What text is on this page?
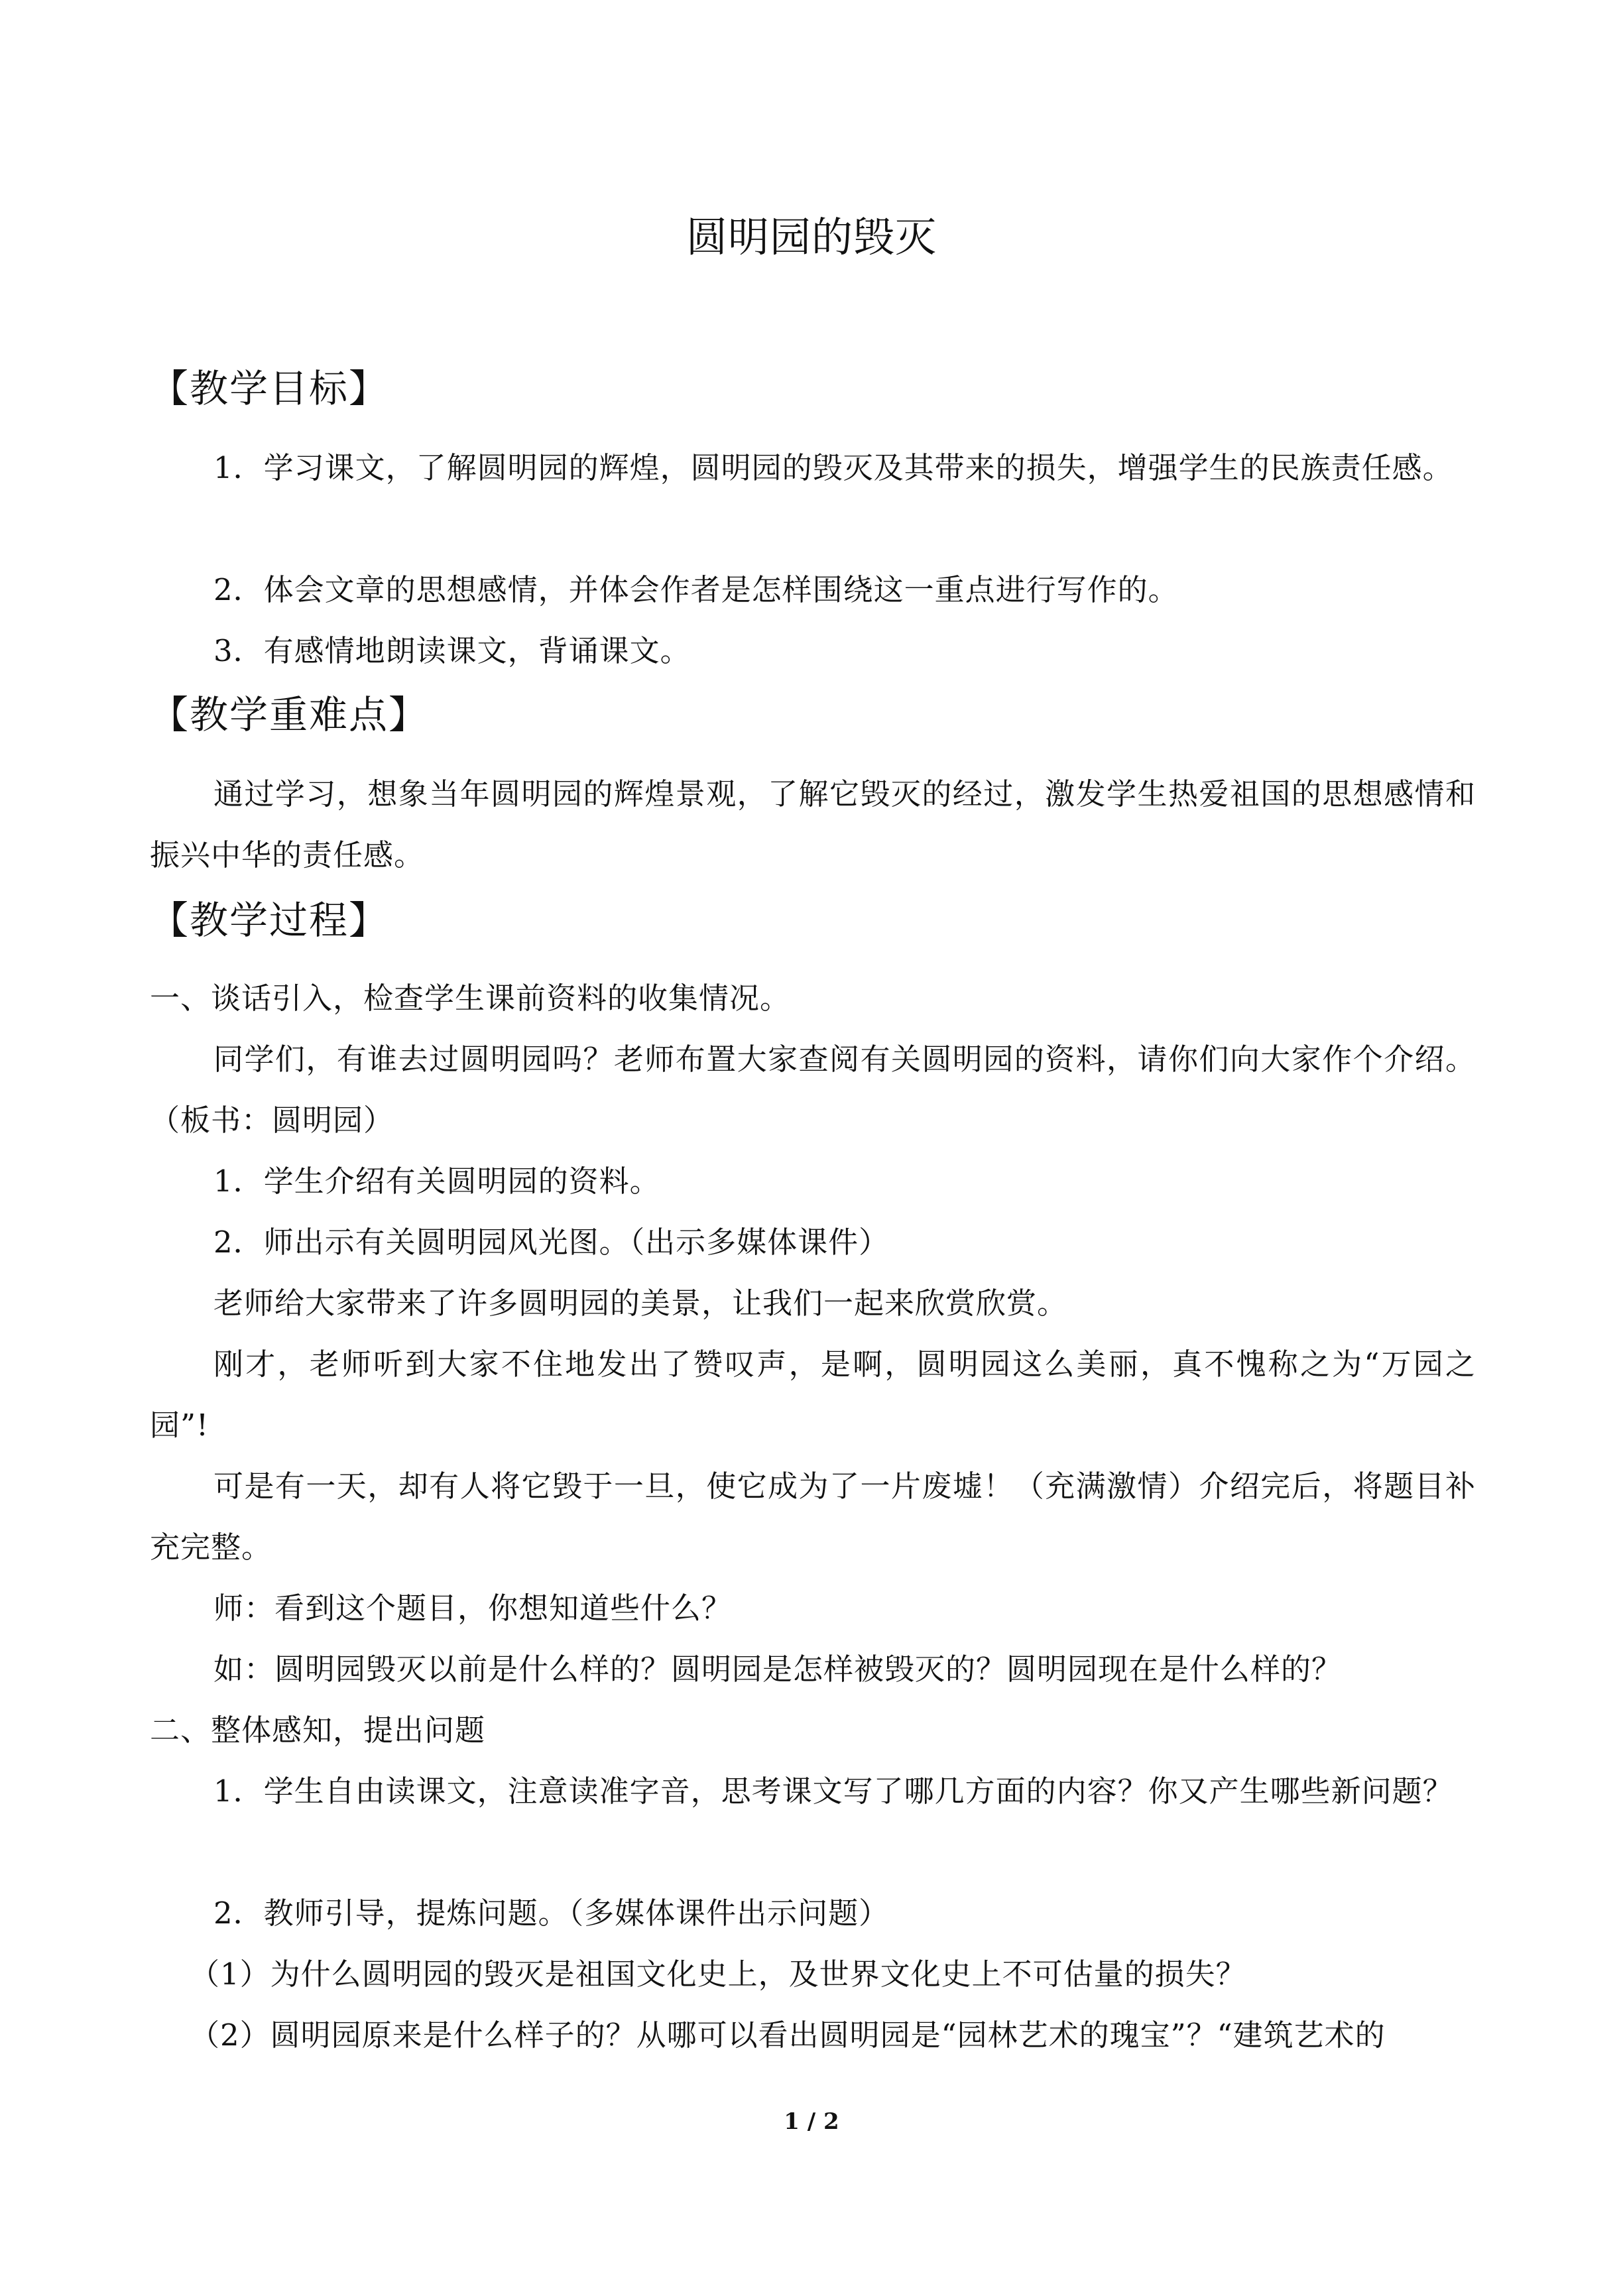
圆明园的毁灭
【教学目标】

1．学习课文，了解圆明园的辉煌，圆明园的毁灭及其带来的损失，增强学生的民族责任感。

2．体会文章的思想感情，并体会作者是怎样围绕这一重点进行写作的。

3．有感情地朗读课文，背诵课文。

【教学重难点】

通过学习，想象当年圆明园的辉煌景观，了解它毁灭的经过，激发学生热爱祖国的思想感情和振兴中华的责任感。

【教学过程】

一、谈话引入，检查学生课前资料的收集情况。

同学们，有谁去过圆明园吗？老师布置大家查阅有关圆明园的资料，请你们向大家作个介绍。（板书：圆明园）

1．学生介绍有关圆明园的资料。

2．师出示有关圆明园风光图。（出示多媒体课件）

老师给大家带来了许多圆明园的美景，让我们一起来欣赏欣赏。

刚才，老师听到大家不住地发出了赞叹声，是啊，圆明园这么美丽，真不愧称之为“万园之园”!

可是有一天，却有人将它毁于一旦，使它成为了一片废墟！（充满激情）介绍完后，将题目补充完整。

师：看到这个题目，你想知道些什么？

如：圆明园毁灭以前是什么样的？圆明园是怎样被毁灭的？圆明园现在是什么样的？

二、整体感知，提出问题

1．学生自由读课文，注意读准字音，思考课文写了哪几方面的内容？你又产生哪些新问题？

2．教师引导，提炼问题。（多媒体课件出示问题）

（1）为什么圆明园的毁灭是祖国文化史上，及世界文化史上不可估量的损失？

（2）圆明园原来是什么样子的？从哪可以看出圆明园是“园林艺术的瑰宝”？“建筑艺术的

1 / 2
